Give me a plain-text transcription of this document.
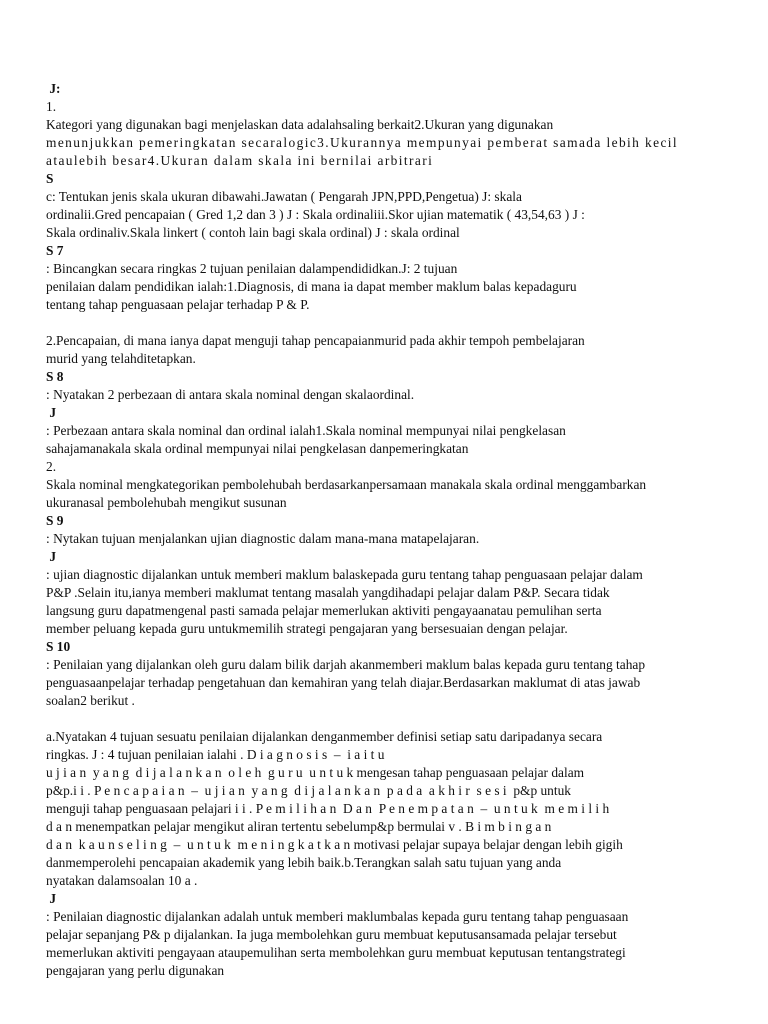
J:
1.
Kategori yang digunakan bagi menjelaskan data adalahsaling berkait2.Ukuran yang digunakan
menunjukkan pemeringkatan secaralogic3.Ukurannya mempunyai pemberat samada lebih kecil
ataulebih besar4.Ukuran dalam skala ini bernilai arbitrari
S
c: Tentukan jenis skala ukuran dibawahi.Jawatan ( Pengarah JPN,PPD,Pengetua) J: skala
ordinalii.Gred pencapaian ( Gred 1,2 dan 3 ) J : Skala ordinaliii.Skor ujian matematik ( 43,54,63 ) J :
Skala ordinaliv.Skala linkert ( contoh lain bagi skala ordinal) J : skala ordinal
S 7
: Bincangkan secara ringkas 2 tujuan penilaian dalampendididkan.J: 2 tujuan
penilaian dalam pendidikan ialah:1.Diagnosis, di mana ia dapat member maklum balas kepadaguru
tentang tahap penguasaan pelajar terhadap P & P.
2.Pencapaian, di mana ianya dapat menguji tahap pencapaianmurid pada akhir tempoh pembelajaran
murid yang telahditetapkan.
S 8
: Nyatakan 2 perbezaan di antara skala nominal dengan skalaordinal.
J
: Perbezaan antara skala nominal dan ordinal ialah1.Skala nominal mempunyai nilai pengkelasan
sahajamanakala skala ordinal mempunyai nilai pengkelasan danpemeringkatan
2.
Skala nominal mengkategorikan pembolehubah berdasarkanpersamaan manakala skala ordinal menggambarkan
ukuranasal pembolehubah mengikut susunan
S 9
: Nytakan tujuan menjalankan ujian diagnostic dalam mana-mana matapelajaran.
J
: ujian diagnostic dijalankan untuk memberi maklum balaskepada guru tentang tahap penguasaan pelajar dalam
P&P .Selain itu,ianya memberi maklumat tentang masalah yangdihadapi pelajar dalam P&P. Secara tidak
langsung guru dapatmengenal pasti samada pelajar memerlukan aktiviti pengayaanatau pemulihan serta
member peluang kepada guru untukmemilih strategi pengajaran yang bersesuaian dengan pelajar.
S 10
: Penilaian yang dijalankan oleh guru dalam bilik darjah akanmemberi maklum balas kepada guru tentang tahap
penguasaanpelajar terhadap pengetahuan dan kemahiran yang telah diajar.Berdasarkan maklumat di atas jawab
soalan2 berikut .
a.Nyatakan 4 tujuan sesuatu penilaian dijalankan denganmember definisi setiap satu daripadanya secara
ringkas. J : 4 tujuan penilaian ialahi . D i a g n o s i s  –  i a i t u
u j i a n  y a n g  d i j a l a n k a n  o l e h  g u r u  u n t u k mengesan tahap penguasaan pelajar dalam
p&p.i i . P e n c a p a i a n  –  u j i a n  y a n g  d i j a l a n k a n  p a d a  a k h i r  s e s i  p&p untuk
menguji tahap penguasaan pelajari i i . P e m i l i h a n  D a n  P e n e m p a t a n  –  u n t u k  m e m i l i h
d a n menempatkan pelajar mengikut aliran tertentu sebelump&p bermulai v . B i m b i n g a n
d a n  k a u n s e l i n g  –  u n t u k  m e n i n g k a t k a n motivasi pelajar supaya belajar dengan lebih gigih
danmemperolehi pencapaian akademik yang lebih baik.b.Terangkan salah satu tujuan yang anda
nyatakan dalamsoalan 10 a .
J
: Penilaian diagnostic dijalankan adalah untuk memberi maklumbalas kepada guru tentang tahap penguasaan
pelajar sepanjang P& p dijalankan. Ia juga membolehkan guru membuat keputusansamada pelajar tersebut
memerlukan aktiviti pengayaan ataupemulihan serta membolehkan guru membuat keputusan tentangstrategi
pengajaran yang perlu digunakan
